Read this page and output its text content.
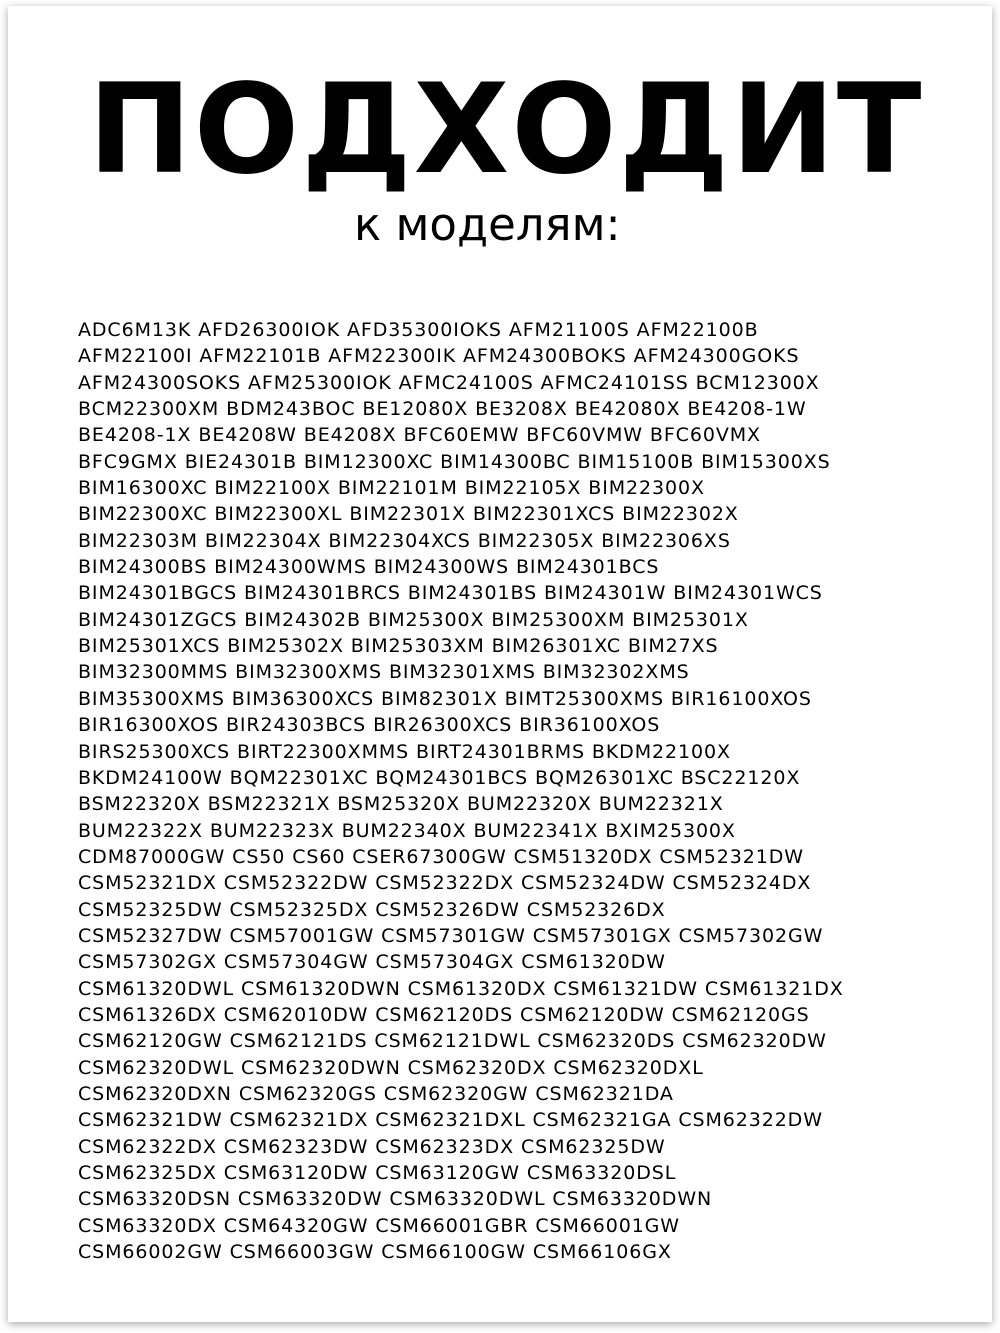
ПОДХОДИТ
к моделям:
ADC6M13K AFD26300IOK AFD35300IOKS AFM21100S AFM22100B
AFM22100I AFM22101B AFM22300IK AFM24300BOKS AFM24300GOKS
AFM24300SOKS AFM25300IOK AFMC24100S AFMC24101SS BCM12300X
BCM22300XM BDM243BOC BE12080X BE3208X BE42080X BE4208-1W
BE4208-1X BE4208W BE4208X BFC60EMW BFC60VMW BFC60VMX
BFC9GMX BIE24301B BIM12300XC BIM14300BC BIM15100B BIM15300XS
BIM16300XC BIM22100X BIM22101M BIM22105X BIM22300X
BIM22300XC BIM22300XL BIM22301X BIM22301XCS BIM22302X
BIM22303M BIM22304X BIM22304XCS BIM22305X BIM22306XS
BIM24300BS BIM24300WMS BIM24300WS BIM24301BCS
BIM24301BGCS BIM24301BRCS BIM24301BS BIM24301W BIM24301WCS
BIM24301ZGCS BIM24302B BIM25300X BIM25300XM BIM25301X
BIM25301XCS BIM25302X BIM25303XM BIM26301XC BIM27XS
BIM32300MMS BIM32300XMS BIM32301XMS BIM32302XMS
BIM35300XMS BIM36300XCS BIM82301X BIMT25300XMS BIR16100XOS
BIR16300XOS BIR24303BCS BIR26300XCS BIR36100XOS
BIRS25300XCS BIRT22300XMMS BIRT24301BRMS BKDM22100X
BKDM24100W BQM22301XC BQM24301BCS BQM26301XC BSC22120X
BSM22320X BSM22321X BSM25320X BUM22320X BUM22321X
BUM22322X BUM22323X BUM22340X BUM22341X BXIM25300X
CDM87000GW CS50 CS60 CSER67300GW CSM51320DX CSM52321DW
CSM52321DX CSM52322DW CSM52322DX CSM52324DW CSM52324DX
CSM52325DW CSM52325DX CSM52326DW CSM52326DX
CSM52327DW CSM57001GW CSM57301GW CSM57301GX CSM57302GW
CSM57302GX CSM57304GW CSM57304GX CSM61320DW
CSM61320DWL CSM61320DWN CSM61320DX CSM61321DW CSM61321DX
CSM61326DX CSM62010DW CSM62120DS CSM62120DW CSM62120GS
CSM62120GW CSM62121DS CSM62121DWL CSM62320DS CSM62320DW
CSM62320DWL CSM62320DWN CSM62320DX CSM62320DXL
CSM62320DXN CSM62320GS CSM62320GW CSM62321DA
CSM62321DW CSM62321DX CSM62321DXL CSM62321GA CSM62322DW
CSM62322DX CSM62323DW CSM62323DX CSM62325DW
CSM62325DX CSM63120DW CSM63120GW CSM63320DSL
CSM63320DSN CSM63320DW CSM63320DWL CSM63320DWN
CSM63320DX CSM64320GW CSM66001GBR CSM66001GW
CSM66002GW CSM66003GW CSM66100GW CSM66106GX
